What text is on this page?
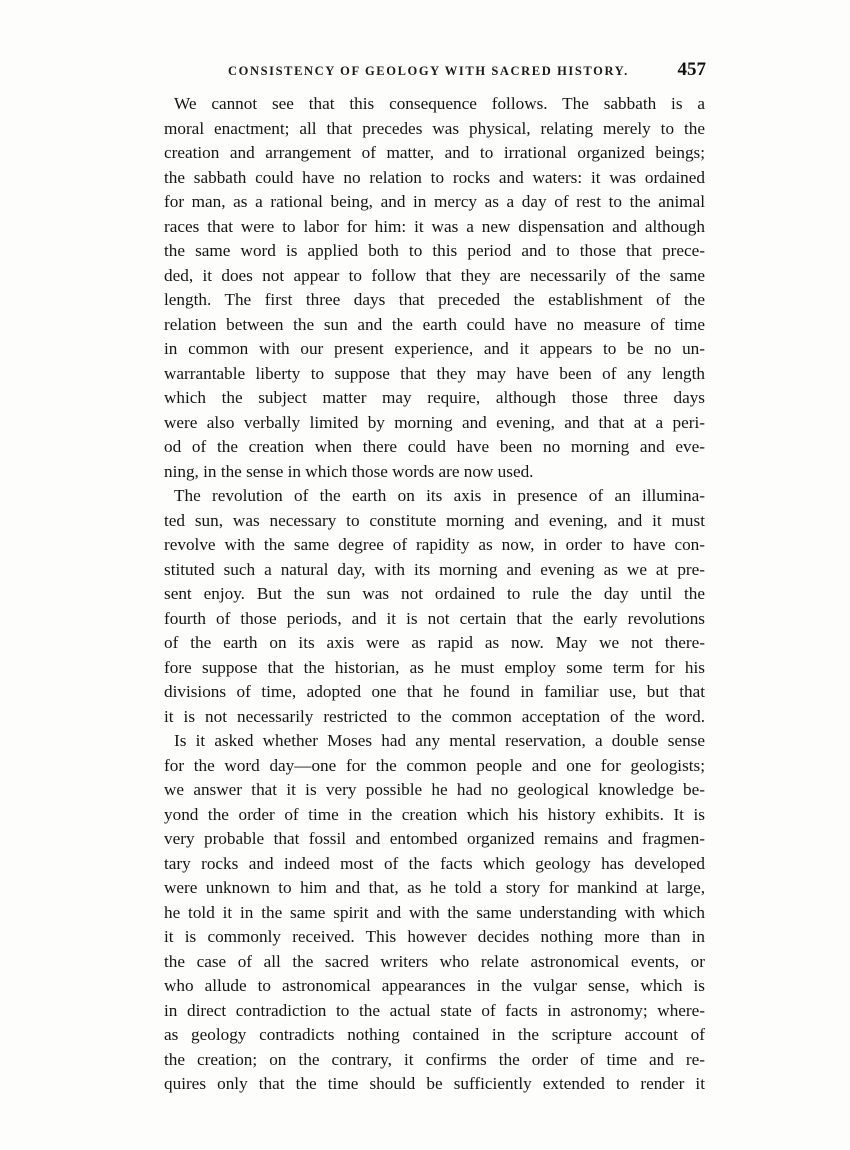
CONSISTENCY OF GEOLOGY WITH SACRED HISTORY.	457
We cannot see that this consequence follows. The sabbath is a
moral enactment; all that precedes was physical, relating merely to the
creation and arrangement of matter, and to irrational organized beings;
the sabbath could have no relation to rocks and waters: it was ordained
for man, as a rational being, and in mercy as a day of rest to the animal
races that were to labor for him: it was a new dispensation and although
the same word is applied both to this period and to those that prece-
ded, it does not appear to follow that they are necessarily of the same
length. The first three days that preceded the establishment of the
relation between the sun and the earth could have no measure of time
in common with our present experience, and it appears to be no un-
warrantable liberty to suppose that they may have been of any length
which the subject matter may require, although those three days
were also verbally limited by morning and evening, and that at a peri-
od of the creation when there could have been no morning and eve-
ning, in the sense in which those words are now used.
The revolution of the earth on its axis in presence of an illumina-
ted sun, was necessary to constitute morning and evening, and it must
revolve with the same degree of rapidity as now, in order to have con-
stituted such a natural day, with its morning and evening as we at pre-
sent enjoy. But the sun was not ordained to rule the day until the
fourth of those periods, and it is not certain that the early revolutions
of the earth on its axis were as rapid as now. May we not there-
fore suppose that the historian, as he must employ some term for his
divisions of time, adopted one that he found in familiar use, but that
it is not necessarily restricted to the common acceptation of the word.
Is it asked whether Moses had any mental reservation, a double sense
for the word day—one for the common people and one for geologists;
we answer that it is very possible he had no geological knowledge be-
yond the order of time in the creation which his history exhibits. It is
very probable that fossil and entombed organized remains and fragmen-
tary rocks and indeed most of the facts which geology has developed
were unknown to him and that, as he told a story for mankind at large,
he told it in the same spirit and with the same understanding with which
it is commonly received. This however decides nothing more than in
the case of all the sacred writers who relate astronomical events, or
who allude to astronomical appearances in the vulgar sense, which is
in direct contradiction to the actual state of facts in astronomy; where-
as geology contradicts nothing contained in the scripture account of
the creation; on the contrary, it confirms the order of time and re-
quires only that the time should be sufficiently extended to render it
